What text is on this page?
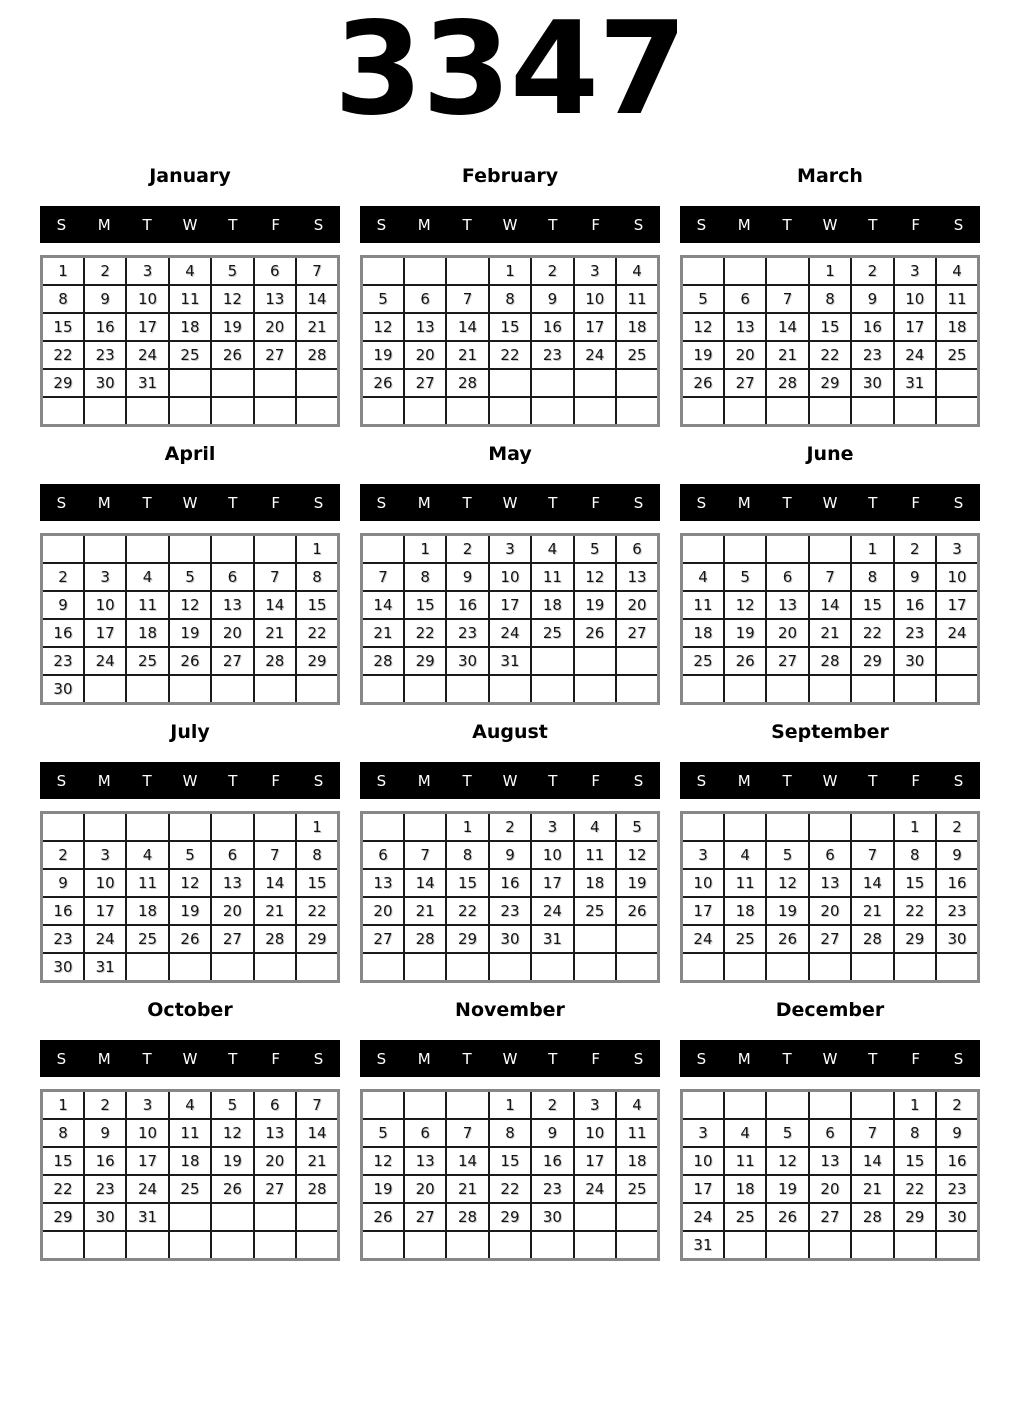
3347
January
S	M	T	W	T	F	S
1	2	3	4	5	6	7
8	9	10	11	12	13	14
15	16	17	18	19	20	21
22	23	24	25	26	27	28
29	30	31				

February
S	M	T	W	T	F	S
			1	2	3	4
5	6	7	8	9	10	11
12	13	14	15	16	17	18
19	20	21	22	23	24	25
26	27	28				

March
S	M	T	W	T	F	S
			1	2	3	4
5	6	7	8	9	10	11
12	13	14	15	16	17	18
19	20	21	22	23	24	25
26	27	28	29	30	31	

April
S	M	T	W	T	F	S
						1
2	3	4	5	6	7	8
9	10	11	12	13	14	15
16	17	18	19	20	21	22
23	24	25	26	27	28	29
30						
May
S	M	T	W	T	F	S
	1	2	3	4	5	6
7	8	9	10	11	12	13
14	15	16	17	18	19	20
21	22	23	24	25	26	27
28	29	30	31			

June
S	M	T	W	T	F	S
				1	2	3
4	5	6	7	8	9	10
11	12	13	14	15	16	17
18	19	20	21	22	23	24
25	26	27	28	29	30	

July
S	M	T	W	T	F	S
						1
2	3	4	5	6	7	8
9	10	11	12	13	14	15
16	17	18	19	20	21	22
23	24	25	26	27	28	29
30	31					
August
S	M	T	W	T	F	S
		1	2	3	4	5
6	7	8	9	10	11	12
13	14	15	16	17	18	19
20	21	22	23	24	25	26
27	28	29	30	31		

September
S	M	T	W	T	F	S
					1	2
3	4	5	6	7	8	9
10	11	12	13	14	15	16
17	18	19	20	21	22	23
24	25	26	27	28	29	30

October
S	M	T	W	T	F	S
1	2	3	4	5	6	7
8	9	10	11	12	13	14
15	16	17	18	19	20	21
22	23	24	25	26	27	28
29	30	31				

November
S	M	T	W	T	F	S
			1	2	3	4
5	6	7	8	9	10	11
12	13	14	15	16	17	18
19	20	21	22	23	24	25
26	27	28	29	30		

December
S	M	T	W	T	F	S
					1	2
3	4	5	6	7	8	9
10	11	12	13	14	15	16
17	18	19	20	21	22	23
24	25	26	27	28	29	30
31						
